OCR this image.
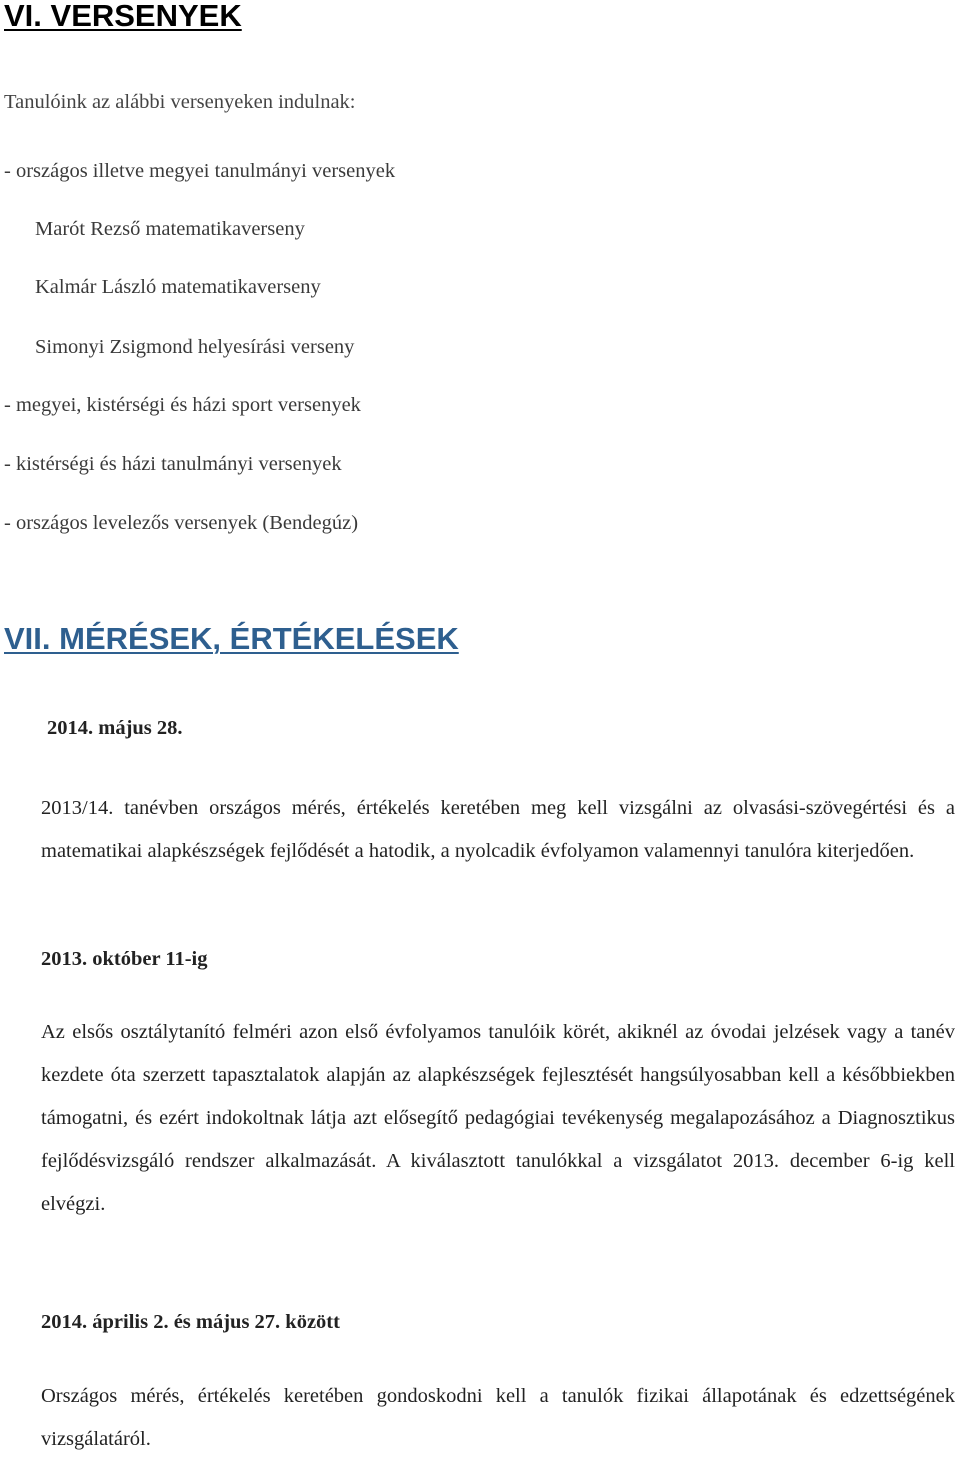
VI. VERSENYEK

Tanulóink az alábbi versenyeken indulnak:

- országos illetve megyei tanulmányi versenyek

Marót Rezső matematikaverseny

Kalmár László matematikaverseny

Simonyi Zsigmond helyesírási verseny

- megyei, kistérségi és házi sport versenyek

- kistérségi és házi tanulmányi versenyek

- országos levelezős versenyek (Bendegúz)

VII. MÉRÉSEK, ÉRTÉKELÉSEK

2014. május 28.

2013/14. tanévben országos mérés, értékelés keretében meg kell vizsgálni az olvasási-szövegértési és a matematikai alapkészségek fejlődését a hatodik, a nyolcadik évfolyamon valamennyi tanulóra kiterjedően.

2013. október 11-ig

Az elsős osztálytanító felméri azon első évfolyamos tanulóik körét, akiknél az óvodai jelzések vagy a tanév kezdete óta szerzett tapasztalatok alapján az alapkészségek fejlesztését hangsúlyosabban kell a későbbiekben támogatni, és ezért indokoltnak látja azt elősegítő pedagógiai tevékenység megalapozásához a Diagnosztikus fejlődésvizsgáló rendszer alkalmazását. A kiválasztott tanulókkal a vizsgálatot 2013. december 6-ig kell elvégzi.

2014. április 2. és május 27. között

Országos mérés, értékelés keretében gondoskodni kell a tanulók fizikai állapotának és edzettségének vizsgálatáról.
